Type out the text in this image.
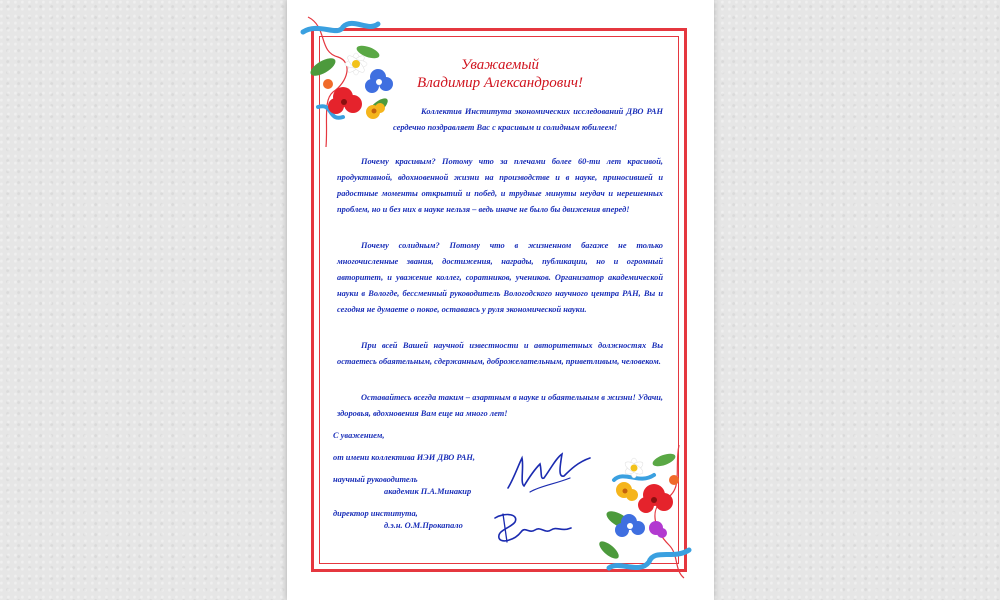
Уважаемый
Владимир Александрович!

Коллектив Института экономических исследований ДВО РАН сердечно поздравляет Вас с красивым и солидным юбилеем!

Почему красивым? Потому что за плечами более 60-ти лет красивой, продуктивной, вдохновенной жизни на производстве и в науке, приносившей и радостные моменты открытий и побед, и трудные минуты неудач и нерешенных проблем, но и без них в науке нельзя – ведь иначе не было бы движения вперед!

Почему солидным? Потому что в жизненном багаже не только многочисленные звания, достижения, награды, публикации, но и огромный авторитет, и уважение коллег, соратников, учеников. Организатор академической науки в Вологде, бессменный руководитель Вологодского научного центра РАН, Вы и сегодня не думаете о покое, оставаясь у руля экономической науки.

При всей Вашей научной известности и авторитетных должностях Вы остаетесь обаятельным, сдержанным, доброжелательным, приветливым, человеком.

Оставайтесь всегда таким – азартным в науке и обаятельным в жизни! Удачи, здоровья, вдохновения Вам еще на много лет!

С уважением,
от имени коллектива ИЭИ ДВО РАН,
научный руководитель
академик П.А.Минакир
директор института,
д.э.н. О.М.Прокапало
